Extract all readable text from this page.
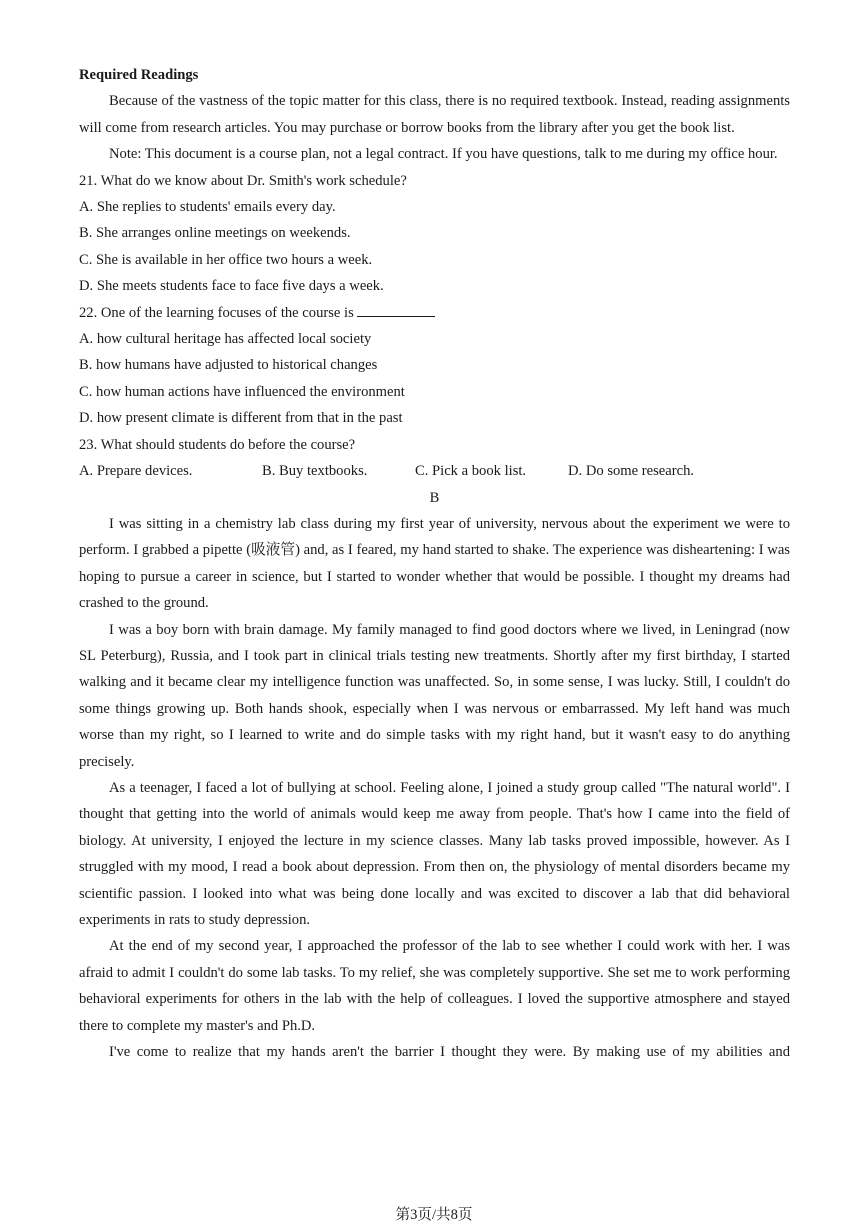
Required Readings

Because of the vastness of the topic matter for this class, there is no required textbook. Instead, reading assignments will come from research articles. You may purchase or borrow books from the library after you get the book list.

Note: This document is a course plan, not a legal contract. If you have questions, talk to me during my office hour.

21. What do we know about Dr. Smith's work schedule?

A. She replies to students' emails every day.

B. She arranges online meetings on weekends.

C. She is available in her office two hours a week.

D. She meets students face to face five days a week.

22. One of the learning focuses of the course is

A. how cultural heritage has affected local society

B. how humans have adjusted to historical changes

C. how human actions have influenced the environment

D. how present climate is different from that in the past

23. What should students do before the course?

A. Prepare devices.	B. Buy textbooks.	C. Pick a book list.	D. Do some research.

B

I was sitting in a chemistry lab class during my first year of university, nervous about the experiment we were to perform. I grabbed a pipette (吸液管) and, as I feared, my hand started to shake. The experience was disheartening: I was hoping to pursue a career in science, but I started to wonder whether that would be possible. I thought my dreams had crashed to the ground.

I was a boy born with brain damage. My family managed to find good doctors where we lived, in Leningrad (now SL Peterburg), Russia, and I took part in clinical trials testing new treatments. Shortly after my first birthday, I started walking and it became clear my intelligence function was unaffected. So, in some sense, I was lucky. Still, I couldn't do some things growing up. Both hands shook, especially when I was nervous or embarrassed. My left hand was much worse than my right, so I learned to write and do simple tasks with my right hand, but it wasn't easy to do anything precisely.

As a teenager, I faced a lot of bullying at school. Feeling alone, I joined a study group called "The natural world". I thought that getting into the world of animals would keep me away from people. That's how I came into the field of biology. At university, I enjoyed the lecture in my science classes. Many lab tasks proved impossible, however. As I struggled with my mood, I read a book about depression. From then on, the physiology of mental disorders became my scientific passion. I looked into what was being done locally and was excited to discover a lab that did behavioral experiments in rats to study depression.

At the end of my second year, I approached the professor of the lab to see whether I could work with her. I was afraid to admit I couldn't do some lab tasks. To my relief, she was completely supportive. She set me to work performing behavioral experiments for others in the lab with the help of colleagues. I loved the supportive atmosphere and stayed there to complete my master's and Ph.D.

I've come to realize that my hands aren't the barrier I thought they were. By making use of my abilities and

第3页/共8页
